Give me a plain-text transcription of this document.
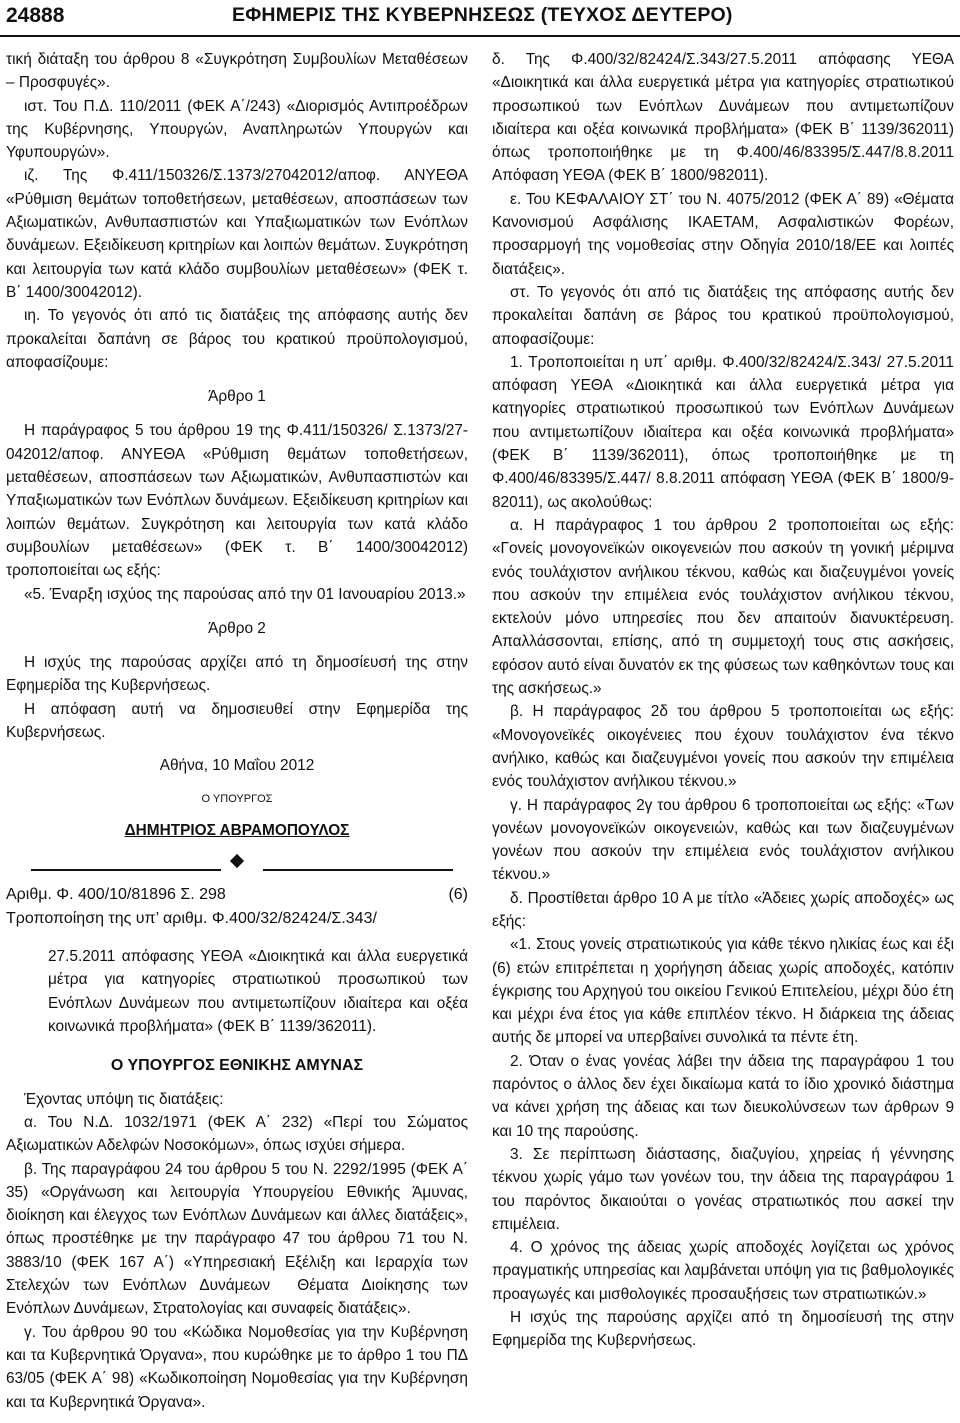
24888	ΕΦΗΜΕΡΙΣ ΤΗΣ ΚΥΒΕΡΝΗΣΕΩΣ (ΤΕΥΧΟΣ ΔΕΥΤΕΡΟ)

τική διάταξη του άρθρου 8 «Συγκρότηση Συμβουλίων Μεταθέσεων – Προσφυγές».

ιστ. Του Π.Δ. 110/2011 (ΦΕΚ Α΄/243) «Διορισμός Αντιπροέδρων της Κυβέρνησης, Υπουργών, Αναπληρωτών Υπουργών και Υφυπουργών».

ιζ. Της Φ.411/150326/Σ.1373/27042012/αποφ. ΑΝΥΕΘΑ «Ρύθμιση θεμάτων τοποθετήσεων, μεταθέσεων, αποσπάσεων των Αξιωματικών, Ανθυπασπιστών και Υπαξιωματικών των Ενόπλων δυνάμεων. Εξειδίκευση κριτηρίων και λοιπών θεμάτων. Συγκρότηση και λειτουργία των κατά κλάδο συμβουλίων μεταθέσεων» (ΦΕΚ τ. Β΄ 1400/30042012).

ιη. Το γεγονός ότι από τις διατάξεις της απόφασης αυτής δεν προκαλείται δαπάνη σε βάρος του κρατικού προϋπολογισμού, αποφασίζουμε:

Άρθρο 1

Η παράγραφος 5 του άρθρου 19 της Φ.411/150326/ Σ.1373/27042012/αποφ. ΑΝΥΕΘΑ «Ρύθμιση θεμάτων τοποθετήσεων, μεταθέσεων, αποσπάσεων των Αξιωματικών, Ανθυπασπιστών και Υπαξιωματικών των Ενόπλων δυνάμεων. Εξειδίκευση κριτηρίων και λοιπών θεμάτων. Συγκρότηση και λειτουργία των κατά κλάδο συμβουλίων μεταθέσεων» (ΦΕΚ τ. Β΄ 1400/30042012) τροποποιείται ως εξής:

«5. Έναρξη ισχύος της παρούσας από την 01 Ιανουαρίου 2013.»

Άρθρο 2

Η ισχύς της παρούσας αρχίζει από τη δημοσίευσή της στην Εφημερίδα της Κυβερνήσεως.

Η απόφαση αυτή να δημοσιευθεί στην Εφημερίδα της Κυβερνήσεως.

Αθήνα, 10 Μαΐου 2012

Ο ΥΠΟΥΡΓΟΣ

ΔΗΜΗΤΡΙΟΣ ΑΒΡΑΜΟΠΟΥΛΟΣ

Αριθμ. Φ. 400/10/81896 Σ. 298	(6)

Τροποποίηση της υπ’ αριθμ. Φ.400/32/82424/Σ.343/

27.5.2011 απόφασης ΥΕΘΑ «Διοικητικά και άλλα ευεργετικά μέτρα για κατηγορίες στρατιωτικού προσωπικού των Ενόπλων Δυνάμεων που αντιμετωπίζουν ιδιαίτερα και οξέα κοινωνικά προβλήματα» (ΦΕΚ Β΄ 1139/362011).

Ο ΥΠΟΥΡΓΟΣ ΕΘΝΙΚΗΣ ΑΜΥΝΑΣ

Έχοντας υπόψη τις διατάξεις:

α. Του Ν.Δ. 1032/1971 (ΦΕΚ Α΄ 232) «Περί του Σώματος Αξιωματικών Αδελφών Νοσοκόμων», όπως ισχύει σήμερα.

β. Της παραγράφου 24 του άρθρου 5 του Ν. 2292/1995 (ΦΕΚ Α΄ 35) «Οργάνωση και λειτουργία Υπουργείου Εθνικής Άμυνας, διοίκηση και έλεγχος των Ενόπλων Δυνάμεων και άλλες διατάξεις», όπως προστέθηκε με την παράγραφο 47 του άρθρου 71 του Ν. 3883/10 (ΦΕΚ 167 Α΄) «Υπηρεσιακή Εξέλιξη και Ιεραρχία των Στελεχών των Ενόπλων Δυνάμεων Θέματα Διοίκησης των Ενόπλων Δυνάμεων, Στρατολογίας και συναφείς διατάξεις».

γ. Του άρθρου 90 του «Κώδικα Νομοθεσίας για την Κυβέρνηση και τα Κυβερνητικά Όργανα», που κυρώθηκε με το άρθρο 1 του ΠΔ 63/05 (ΦΕΚ Α΄ 98) «Κωδικοποίηση Νομοθεσίας για την Κυβέρνηση και τα Κυβερνητικά Όργανα».

δ. Της Φ.400/32/82424/Σ.343/27.5.2011 απόφασης ΥΕΘΑ «Διοικητικά και άλλα ευεργετικά μέτρα για κατηγορίες στρατιωτικού προσωπικού των Ενόπλων Δυνάμεων που αντιμετωπίζουν ιδιαίτερα και οξέα κοινωνικά προβλήματα» (ΦΕΚ Β΄ 1139/362011) όπως τροποποιήθηκε με τη Φ.400/46/83395/Σ.447/8.8.2011 Απόφαση ΥΕΘΑ (ΦΕΚ Β΄ 1800/982011).

ε. Του ΚΕΦΑΛΑΙΟΥ ΣΤ΄ του Ν. 4075/2012 (ΦΕΚ Α΄ 89) «Θέματα Κανονισμού Ασφάλισης ΙΚΑΕΤΑΜ, Ασφαλιστικών Φορέων, προσαρμογή της νομοθεσίας στην Οδηγία 2010/18/ΕΕ και λοιπές διατάξεις».

στ. Το γεγονός ότι από τις διατάξεις της απόφασης αυτής δεν προκαλείται δαπάνη σε βάρος του κρατικού προϋπολογισμού, αποφασίζουμε:

1. Τροποποιείται η υπ΄ αριθμ. Φ.400/32/82424/Σ.343/ 27.5.2011 απόφαση ΥΕΘΑ «Διοικητικά και άλλα ευεργετικά μέτρα για κατηγορίες στρατιωτικού προσωπικού των Ενόπλων Δυνάμεων που αντιμετωπίζουν ιδιαίτερα και οξέα κοινωνικά προβλήματα» (ΦΕΚ Β΄ 1139/362011), όπως τροποποιήθηκε με τη Φ.400/46/83395/Σ.447/ 8.8.2011 απόφαση ΥΕΘΑ (ΦΕΚ Β΄ 1800/982011), ως ακολούθως:

α. Η παράγραφος 1 του άρθρου 2 τροποποιείται ως εξής: «Γονείς μονογονεϊκών οικογενειών που ασκούν τη γονική μέριμνα ενός τουλάχιστον ανήλικου τέκνου, καθώς και διαζευγμένοι γονείς που ασκούν την επιμέλεια ενός τουλάχιστον ανήλικου τέκνου, εκτελούν μόνο υπηρεσίες που δεν απαιτούν διανυκτέρευση. Απαλλάσσονται, επίσης, από τη συμμετοχή τους στις ασκήσεις, εφόσον αυτό είναι δυνατόν εκ της φύσεως των καθηκόντων τους και της ασκήσεως.»

β. Η παράγραφος 2δ του άρθρου 5 τροποποιείται ως εξής: «Μονογονεϊκές οικογένειες που έχουν τουλάχιστον ένα τέκνο ανήλικο, καθώς και διαζευγμένοι γονείς που ασκούν την επιμέλεια ενός τουλάχιστον ανήλικου τέκνου.»

γ. Η παράγραφος 2γ του άρθρου 6 τροποποιείται ως εξής: «Των γονέων μονογονεϊκών οικογενειών, καθώς και των διαζευγμένων γονέων που ασκούν την επιμέλεια ενός τουλάχιστον ανήλικου τέκνου.»

δ. Προστίθεται άρθρο 10 Α με τίτλο «Άδειες χωρίς αποδοχές» ως εξής:

«1. Στους γονείς στρατιωτικούς για κάθε τέκνο ηλικίας έως και έξι (6) ετών επιτρέπεται η χορήγηση άδειας χωρίς αποδοχές, κατόπιν έγκρισης του Αρχηγού του οικείου Γενικού Επιτελείου, μέχρι δύο έτη και μέχρι ένα έτος για κάθε επιπλέον τέκνο. Η διάρκεια της άδειας αυτής δε μπορεί να υπερβαίνει συνολικά τα πέντε έτη.

2. Όταν ο ένας γονέας λάβει την άδεια της παραγράφου 1 του παρόντος ο άλλος δεν έχει δικαίωμα κατά το ίδιο χρονικό διάστημα να κάνει χρήση της άδειας και των διευκολύνσεων των άρθρων 9 και 10 της παρούσης.

3. Σε περίπτωση διάστασης, διαζυγίου, χηρείας ή γέννησης τέκνου χωρίς γάμο των γονέων του, την άδεια της παραγράφου 1 του παρόντος δικαιούται ο γονέας στρατιωτικός που ασκεί την επιμέλεια.

4. Ο χρόνος της άδειας χωρίς αποδοχές λογίζεται ως χρόνος πραγματικής υπηρεσίας και λαμβάνεται υπόψη για τις βαθμολογικές προαγωγές και μισθολογικές προσαυξήσεις των στρατιωτικών.»

Η ισχύς της παρούσης αρχίζει από τη δημοσίευσή της στην Εφημερίδα της Κυβερνήσεως.
